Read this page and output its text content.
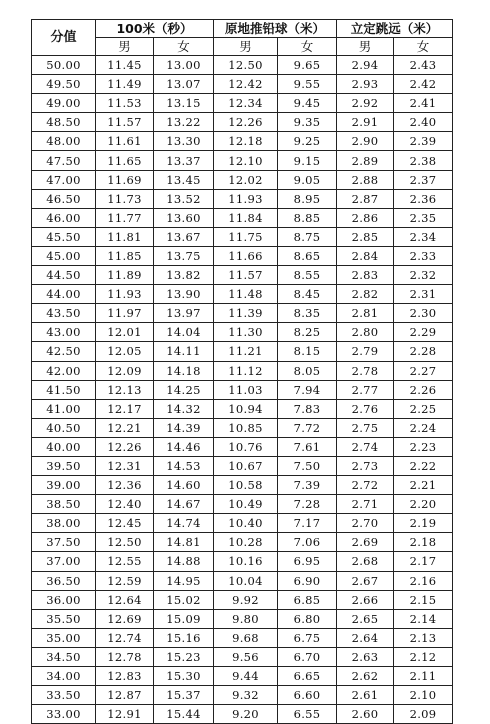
分值	100米（秒）		原地推铅球（米）		立定跳远（米）	
	男	女	男	女	男	女
50.00	11.45	13.00	12.50	9.65	2.94	2.43
49.50	11.49	13.07	12.42	9.55	2.93	2.42
49.00	11.53	13.15	12.34	9.45	2.92	2.41
48.50	11.57	13.22	12.26	9.35	2.91	2.40
48.00	11.61	13.30	12.18	9.25	2.90	2.39
47.50	11.65	13.37	12.10	9.15	2.89	2.38
47.00	11.69	13.45	12.02	9.05	2.88	2.37
46.50	11.73	13.52	11.93	8.95	2.87	2.36
46.00	11.77	13.60	11.84	8.85	2.86	2.35
45.50	11.81	13.67	11.75	8.75	2.85	2.34
45.00	11.85	13.75	11.66	8.65	2.84	2.33
44.50	11.89	13.82	11.57	8.55	2.83	2.32
44.00	11.93	13.90	11.48	8.45	2.82	2.31
43.50	11.97	13.97	11.39	8.35	2.81	2.30
43.00	12.01	14.04	11.30	8.25	2.80	2.29
42.50	12.05	14.11	11.21	8.15	2.79	2.28
42.00	12.09	14.18	11.12	8.05	2.78	2.27
41.50	12.13	14.25	11.03	7.94	2.77	2.26
41.00	12.17	14.32	10.94	7.83	2.76	2.25
40.50	12.21	14.39	10.85	7.72	2.75	2.24
40.00	12.26	14.46	10.76	7.61	2.74	2.23
39.50	12.31	14.53	10.67	7.50	2.73	2.22
39.00	12.36	14.60	10.58	7.39	2.72	2.21
38.50	12.40	14.67	10.49	7.28	2.71	2.20
38.00	12.45	14.74	10.40	7.17	2.70	2.19
37.50	12.50	14.81	10.28	7.06	2.69	2.18
37.00	12.55	14.88	10.16	6.95	2.68	2.17
36.50	12.59	14.95	10.04	6.90	2.67	2.16
36.00	12.64	15.02	9.92	6.85	2.66	2.15
35.50	12.69	15.09	9.80	6.80	2.65	2.14
35.00	12.74	15.16	9.68	6.75	2.64	2.13
34.50	12.78	15.23	9.56	6.70	2.63	2.12
34.00	12.83	15.30	9.44	6.65	2.62	2.11
33.50	12.87	15.37	9.32	6.60	2.61	2.10
33.00	12.91	15.44	9.20	6.55	2.60	2.09
